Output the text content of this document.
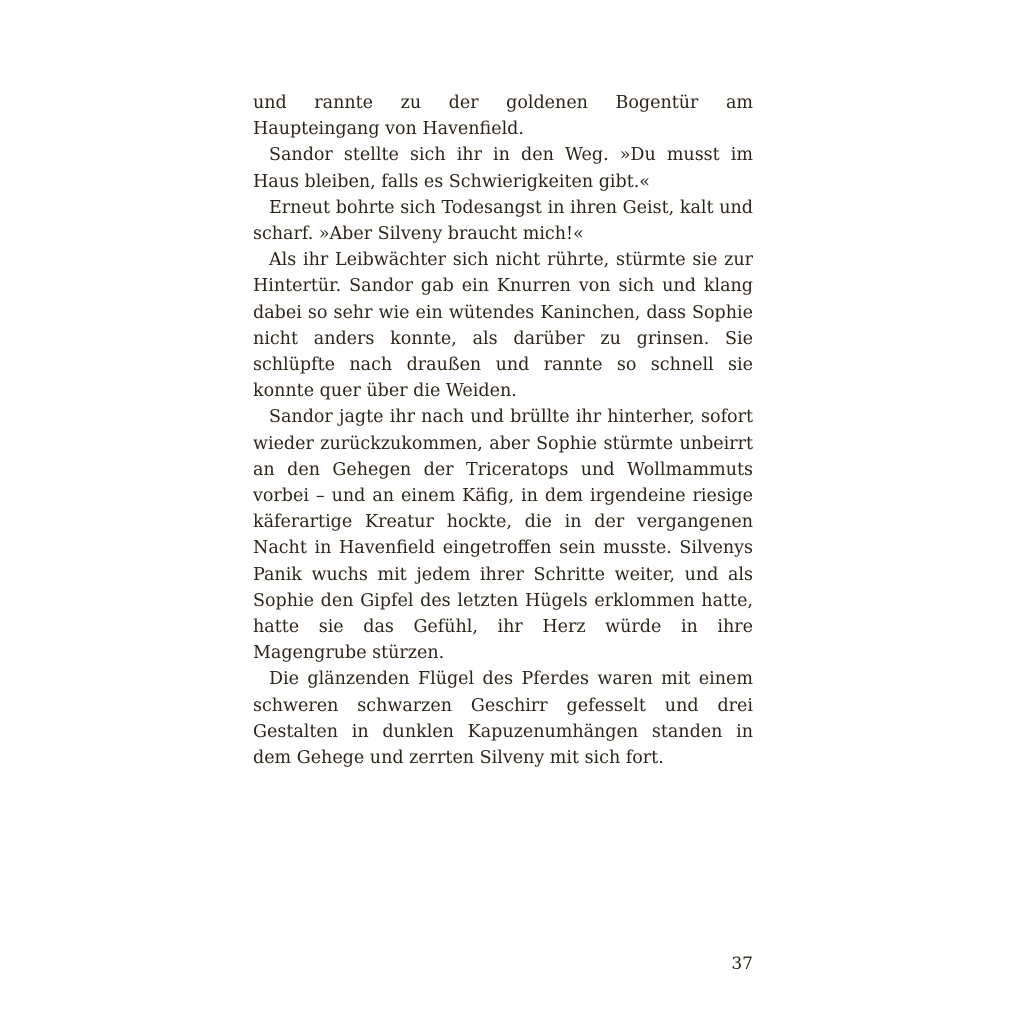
und rannte zu der goldenen Bogentür am Haupteingang von Havenfield.

Sandor stellte sich ihr in den Weg. »Du musst im Haus bleiben, falls es Schwierigkeiten gibt.«

Erneut bohrte sich Todesangst in ihren Geist, kalt und scharf. »Aber Silveny braucht mich!«

Als ihr Leibwächter sich nicht rührte, stürmte sie zur Hintertür. Sandor gab ein Knurren von sich und klang dabei so sehr wie ein wütendes Kaninchen, dass Sophie nicht anders konnte, als darüber zu grinsen. Sie schlüpfte nach draußen und rannte so schnell sie konnte quer über die Weiden.

Sandor jagte ihr nach und brüllte ihr hinterher, sofort wieder zurückzukommen, aber Sophie stürmte unbeirrt an den Gehegen der Triceratops und Wollmammuts vorbei – und an einem Käfig, in dem irgendeine riesige käferartige Kreatur hockte, die in der vergangenen Nacht in Havenfield eingetroffen sein musste. Silvenys Panik wuchs mit jedem ihrer Schritte weiter, und als Sophie den Gipfel des letzten Hügels erklommen hatte, hatte sie das Gefühl, ihr Herz würde in ihre Magengrube stürzen.

Die glänzenden Flügel des Pferdes waren mit einem schweren schwarzen Geschirr gefesselt und drei Gestalten in dunklen Kapuzenumhängen standen in dem Gehege und zerrten Silveny mit sich fort.

37
